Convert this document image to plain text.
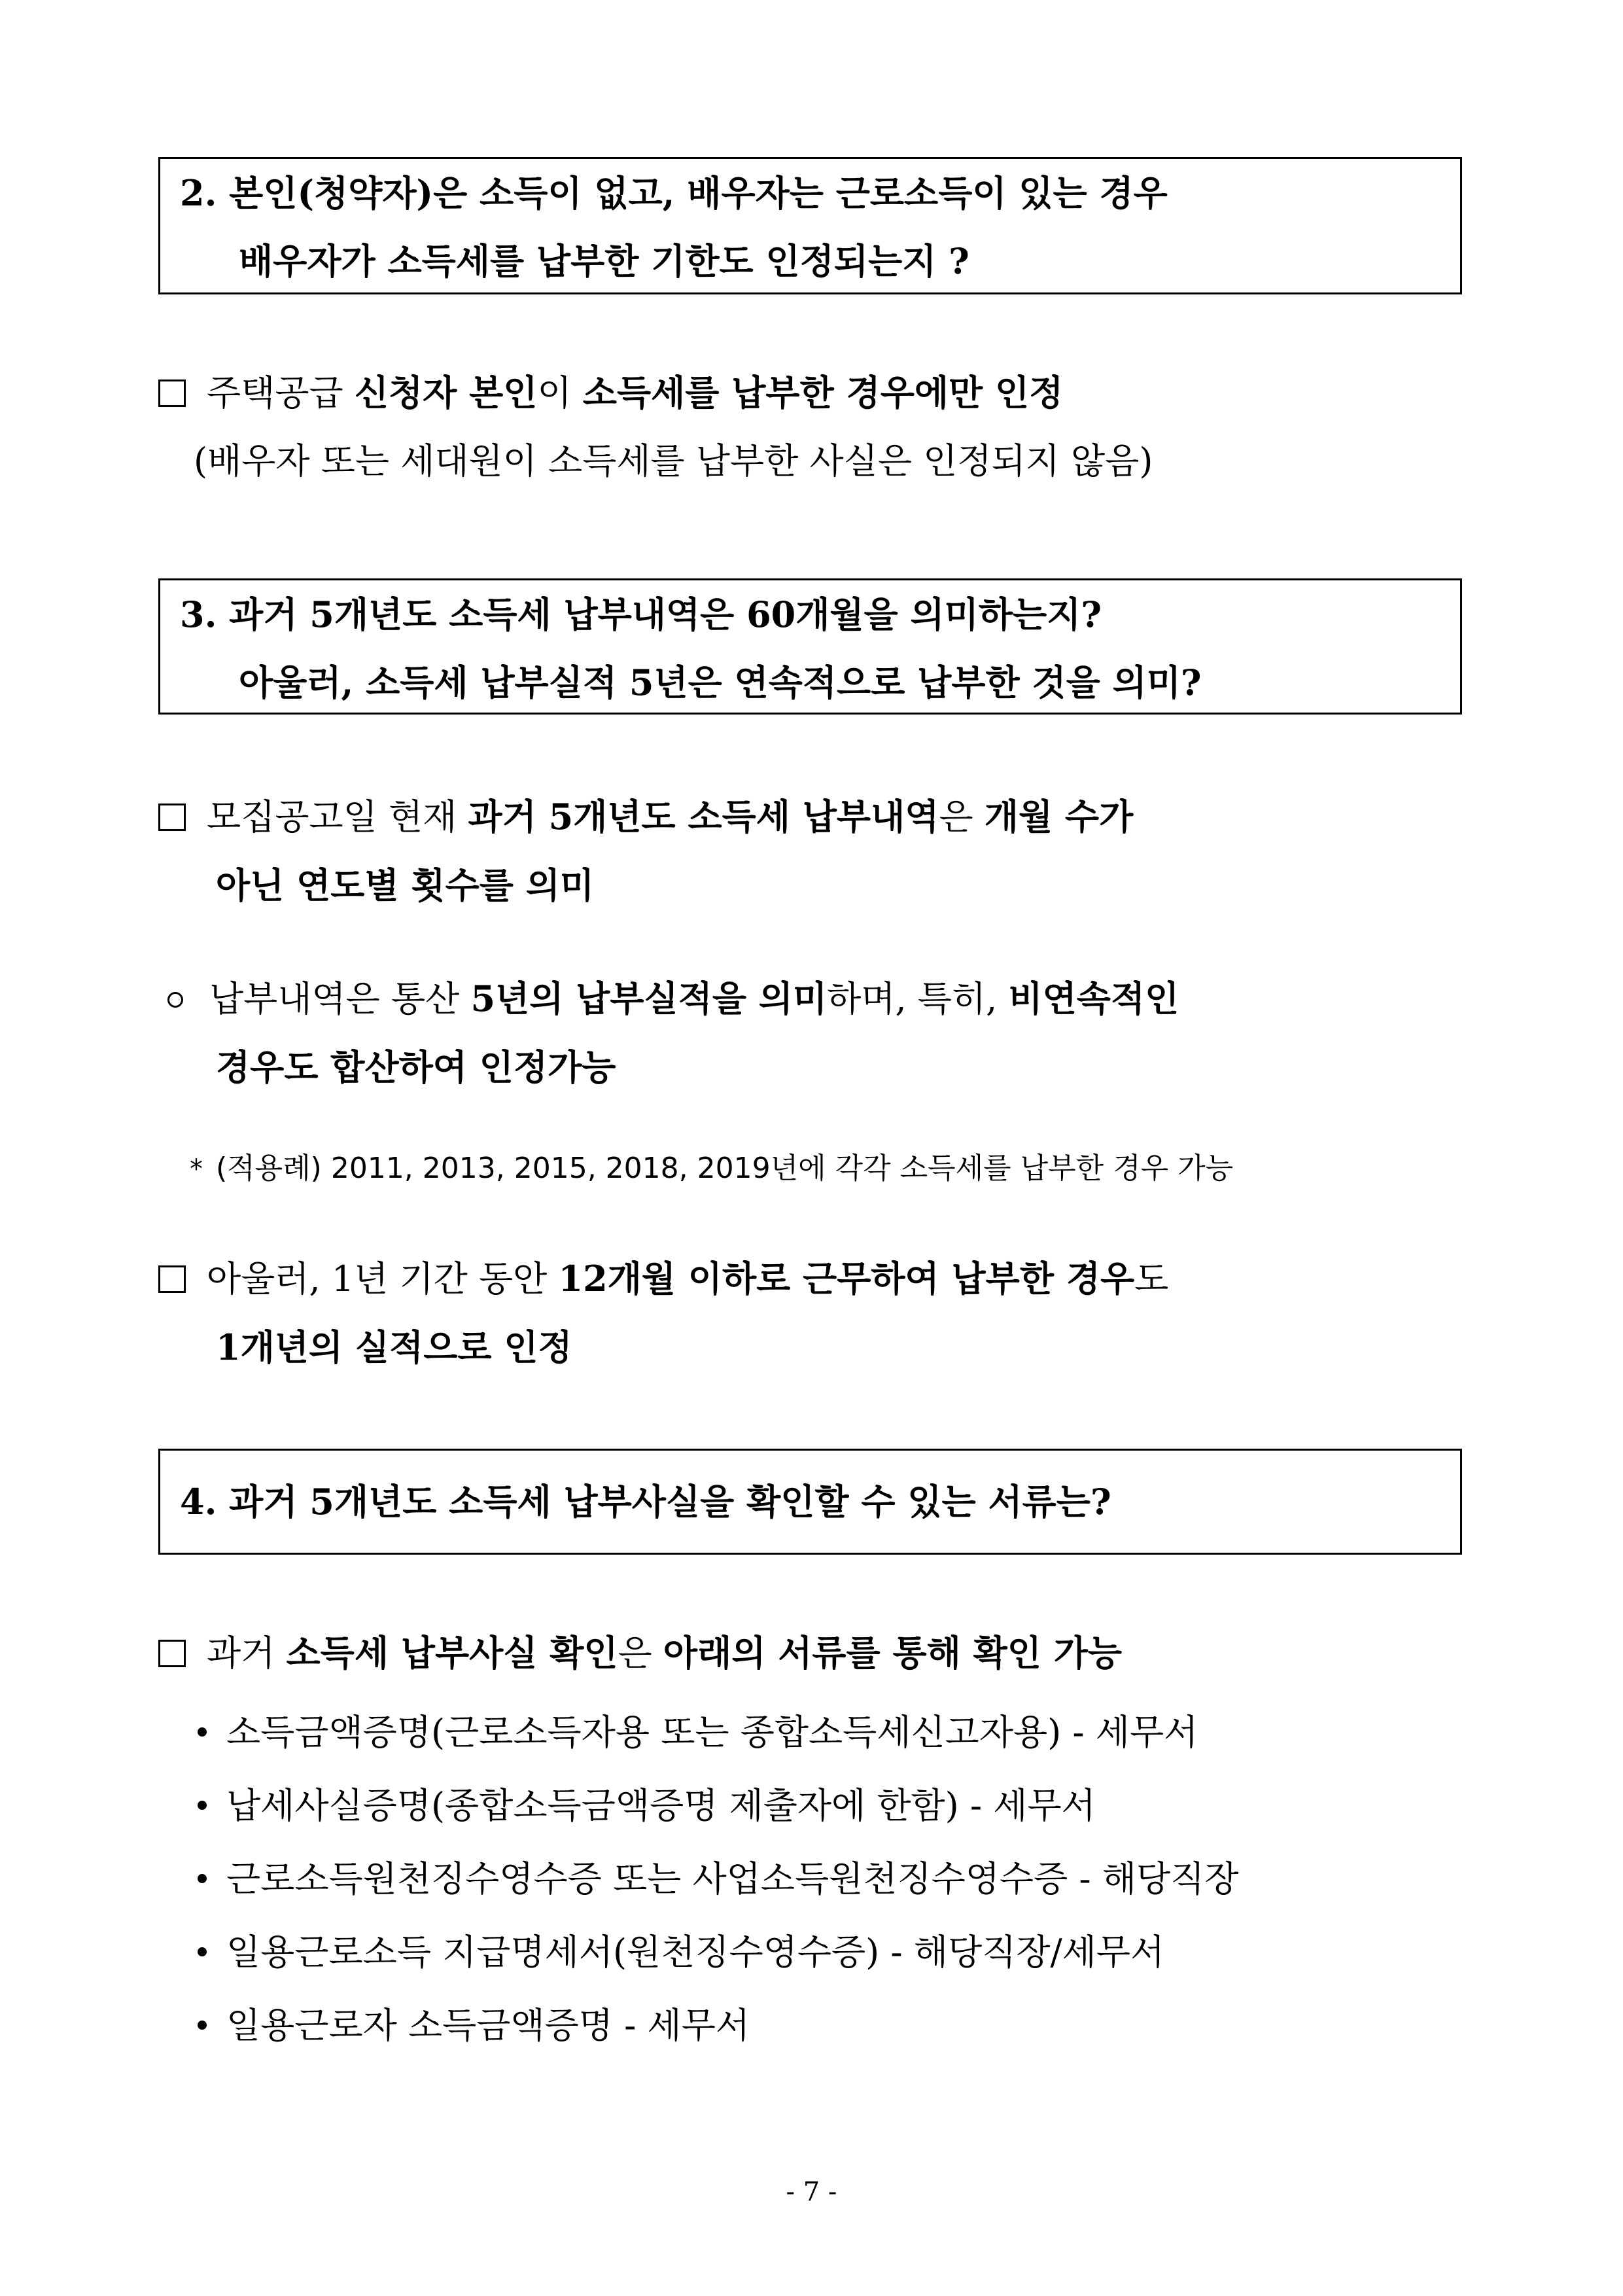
2. 본인(청약자)은 소득이 없고, 배우자는 근로소득이 있는 경우
배우자가 소득세를 납부한 기한도 인정되는지 ?
주택공급 신청자 본인이 소득세를 납부한 경우에만 인정
(배우자 또는 세대원이 소득세를 납부한 사실은 인정되지 않음)
3. 과거 5개년도 소득세 납부내역은 60개월을 의미하는지?
아울러, 소득세 납부실적 5년은 연속적으로 납부한 것을 의미?
모집공고일 현재 과거 5개년도 소득세 납부내역은 개월 수가
아닌 연도별 횟수를 의미
납부내역은 통산 5년의 납부실적을 의미하며, 특히, 비연속적인
경우도 합산하여 인정가능
* (적용례) 2011, 2013, 2015, 2018, 2019년에 각각 소득세를 납부한 경우 가능
아울러, 1년 기간 동안 12개월 이하로 근무하여 납부한 경우도
1개년의 실적으로 인정
4. 과거 5개년도 소득세 납부사실을 확인할 수 있는 서류는?
과거 소득세 납부사실 확인은 아래의 서류를 통해 확인 가능
소득금액증명(근로소득자용 또는 종합소득세신고자용) - 세무서
납세사실증명(종합소득금액증명 제출자에 한함) - 세무서
근로소득원천징수영수증 또는 사업소득원천징수영수증 - 해당직장
일용근로소득 지급명세서(원천징수영수증) - 해당직장/세무서
일용근로자 소득금액증명 - 세무서
- 7 -
